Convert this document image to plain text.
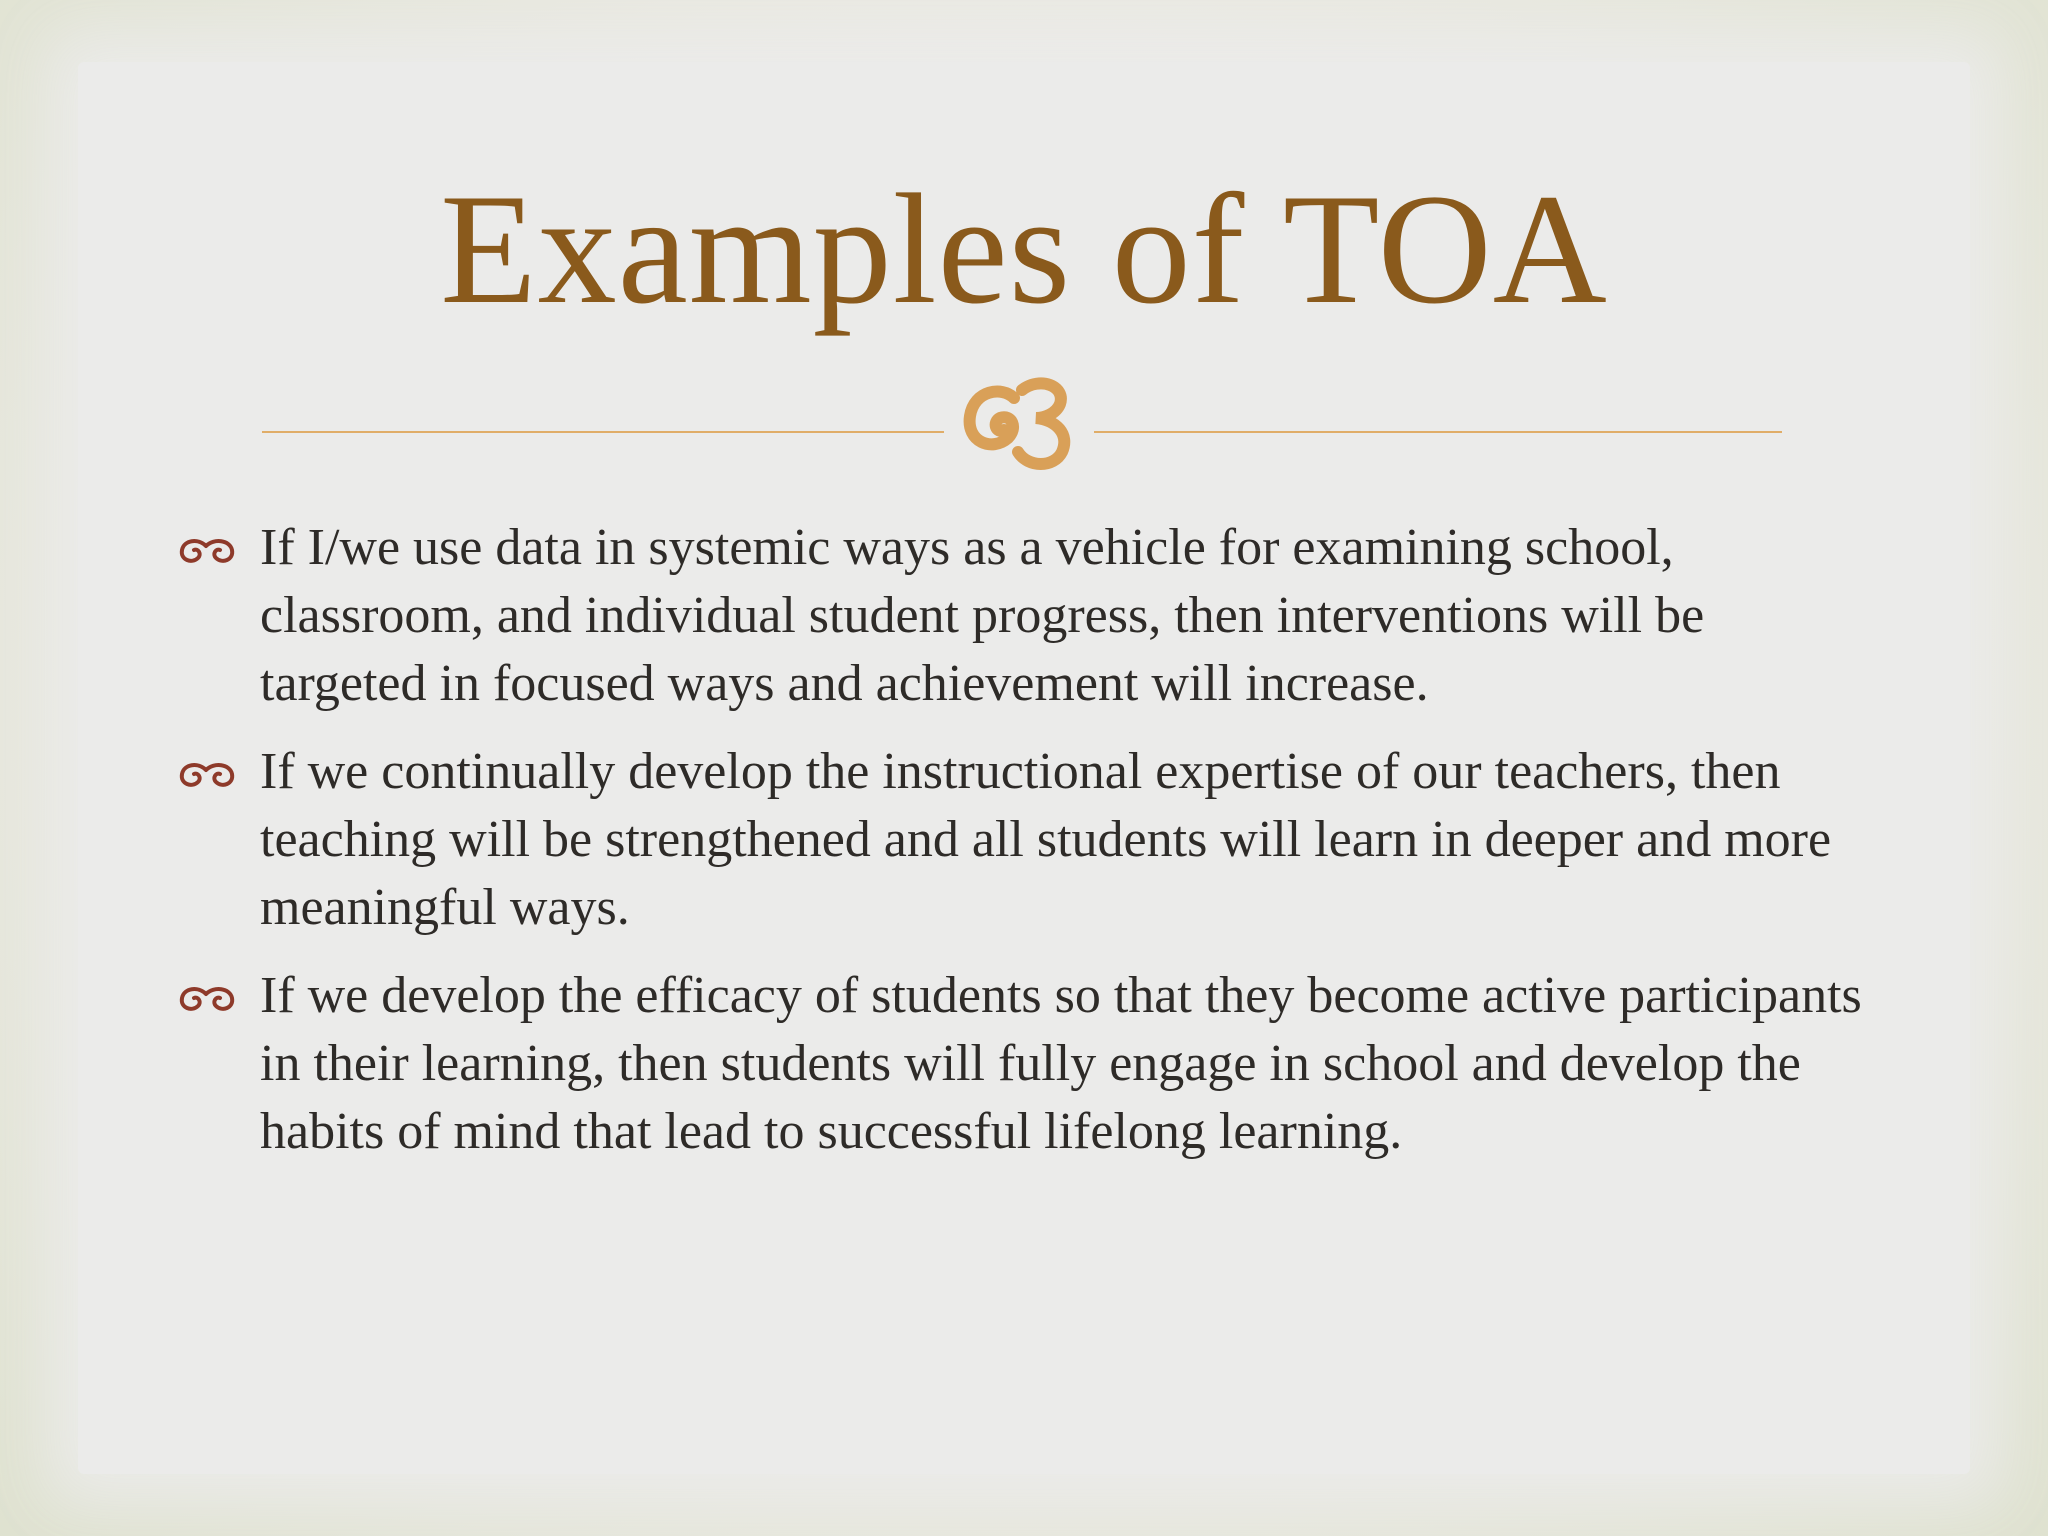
Examples of TOA
If I/we use data in systemic ways as a vehicle for examining school, classroom, and individual student progress, then interventions will be targeted in focused ways and achievement will increase.
If we continually develop the instructional expertise of our teachers, then teaching will be strengthened and all students will learn in deeper and more meaningful ways.
If we develop the efficacy of students so that they become active participants in their learning, then students will fully engage in school and develop the habits of mind that lead to successful lifelong learning.
